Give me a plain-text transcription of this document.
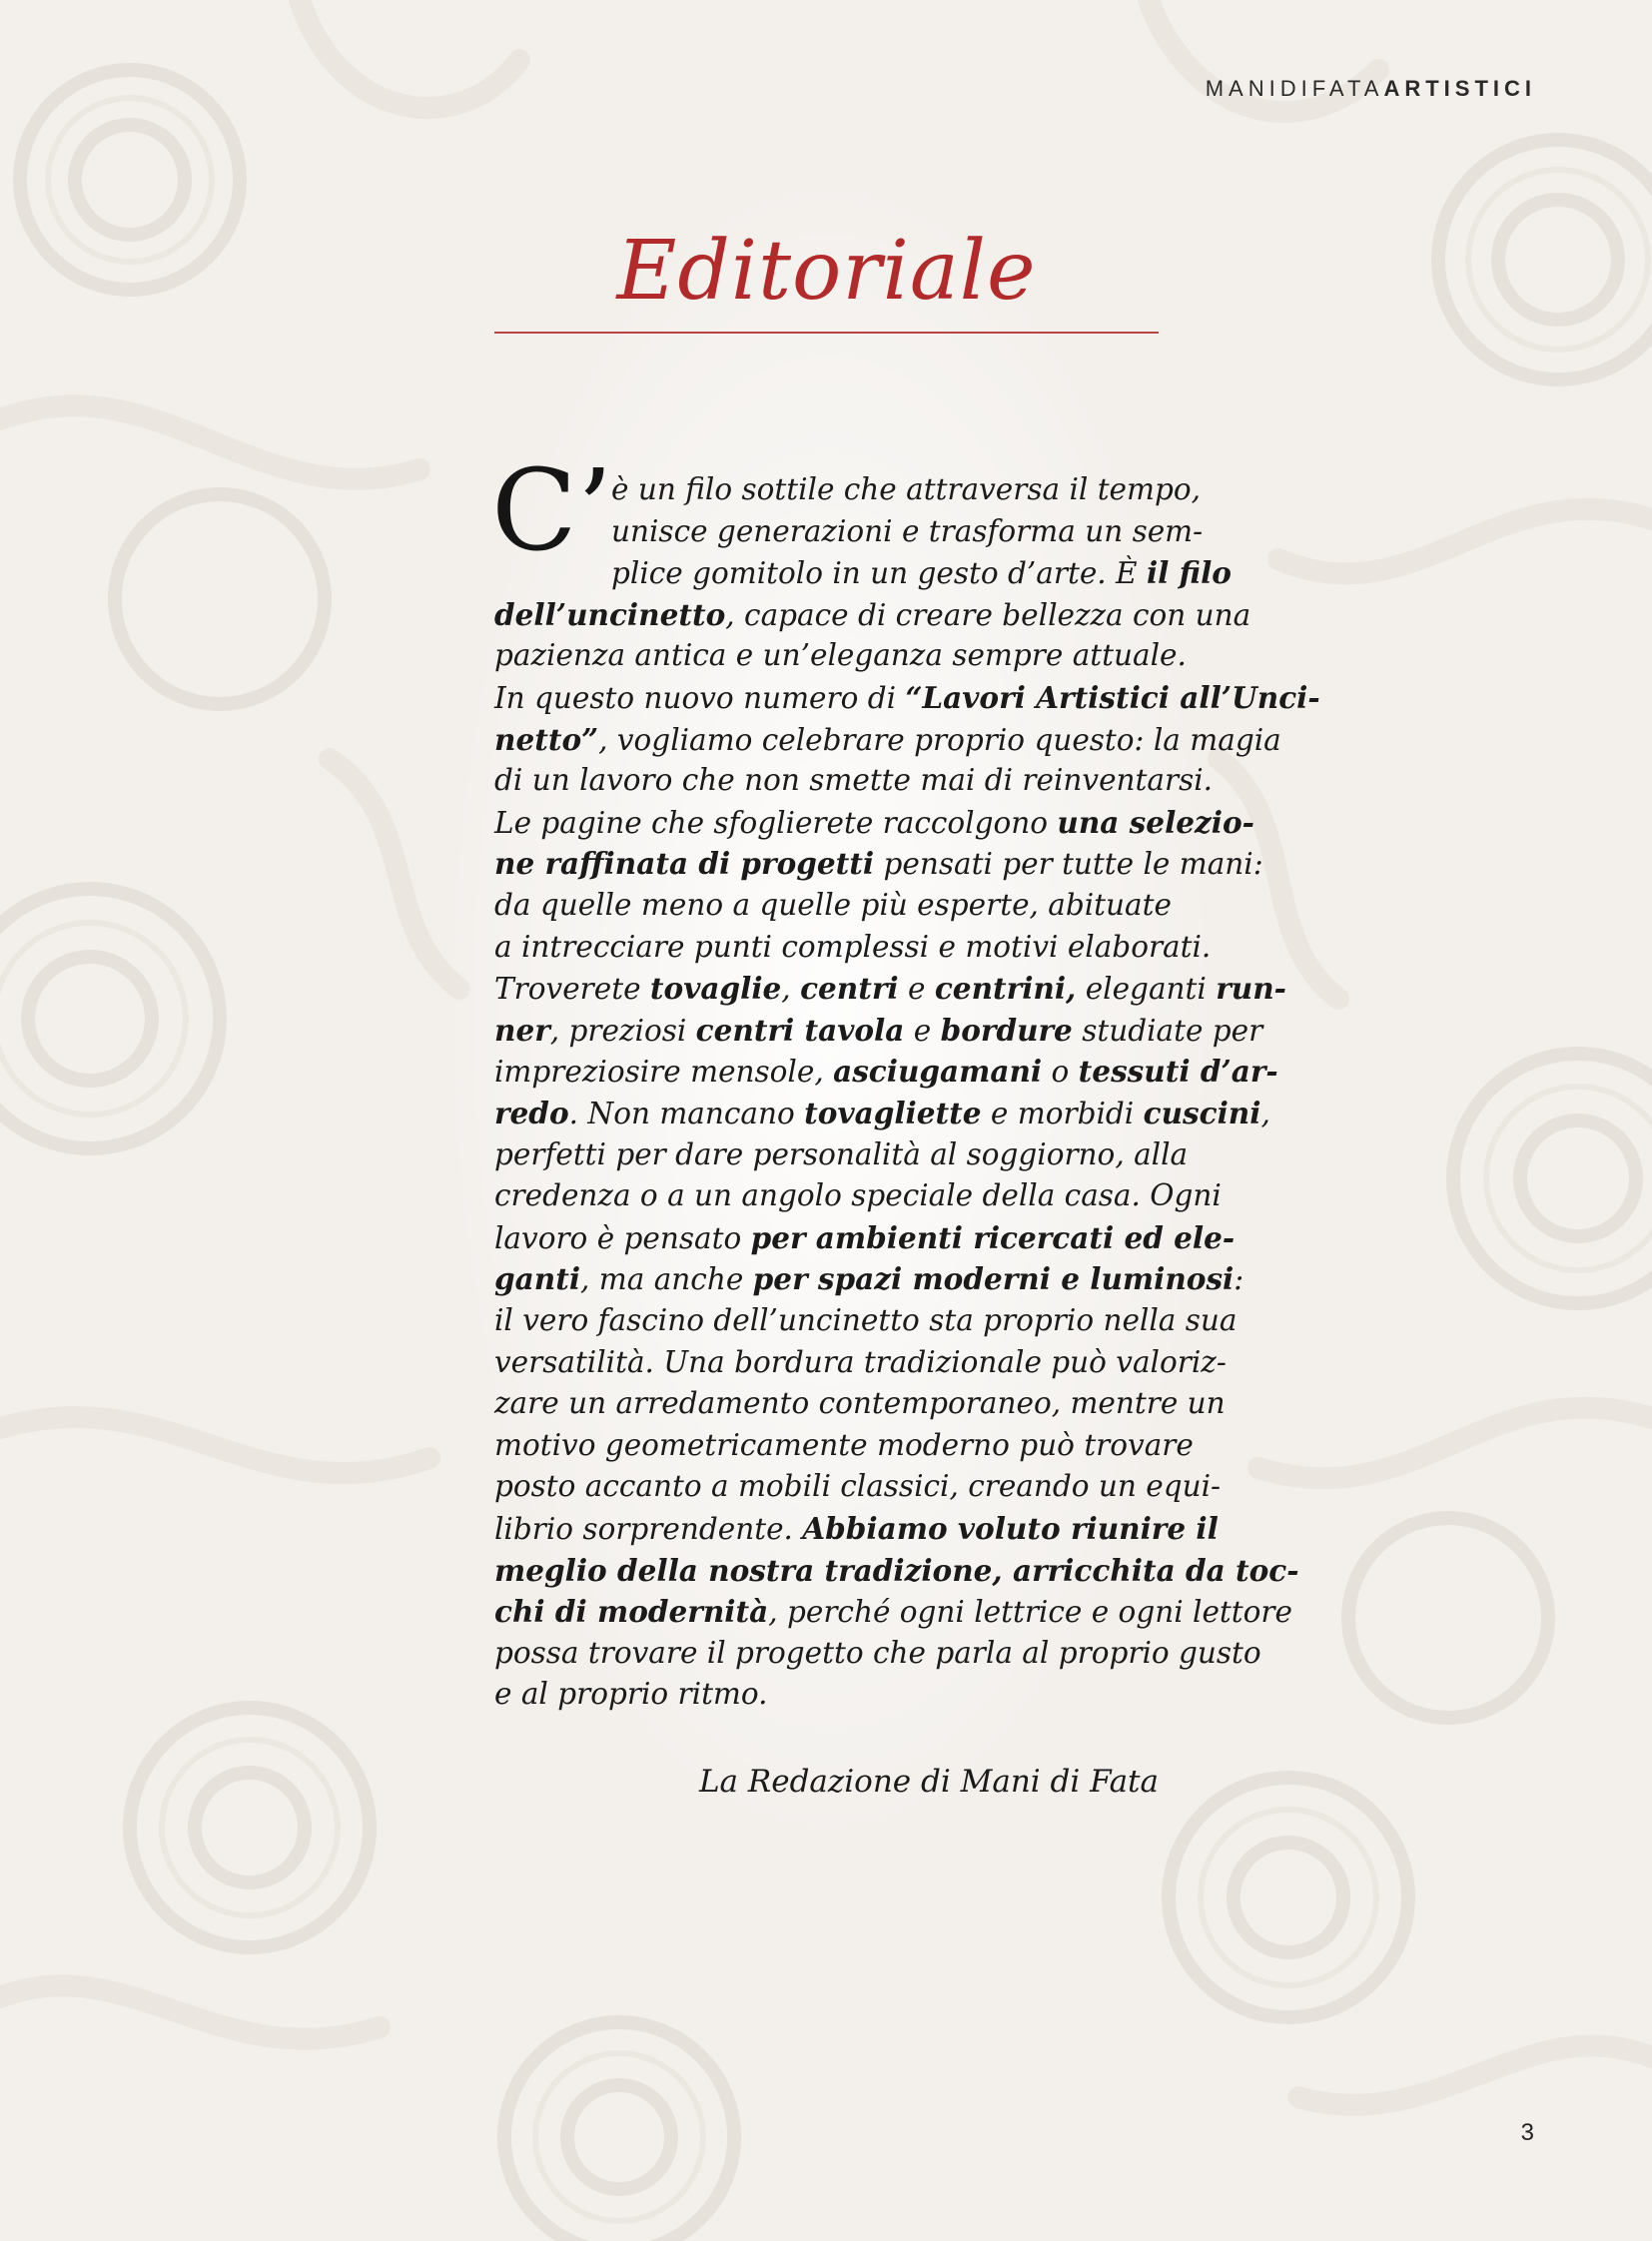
MANIDIFATAARTISTICI
Editoriale
C’
è un filo sottile che attraversa il tempo,
unisce generazioni e trasforma un sem-
plice gomitolo in un gesto d’arte. È il filo
dell’uncinetto, capace di creare bellezza con una
pazienza antica e un’eleganza sempre attuale.
In questo nuovo numero di “Lavori Artistici all’Unci-
netto”, vogliamo celebrare proprio questo: la magia
di un lavoro che non smette mai di reinventarsi.
Le pagine che sfoglierete raccolgono una selezio-
ne raffinata di progetti pensati per tutte le mani:
da quelle meno a quelle più esperte, abituate
a intrecciare punti complessi e motivi elaborati.
Troverete tovaglie, centri e centrini, eleganti run-
ner, preziosi centri tavola e bordure studiate per
impreziosire mensole, asciugamani o tessuti d’ar-
redo. Non mancano tovagliette e morbidi cuscini,
perfetti per dare personalità al soggiorno, alla
credenza o a un angolo speciale della casa. Ogni
lavoro è pensato per ambienti ricercati ed ele-
ganti, ma anche per spazi moderni e luminosi:
il vero fascino dell’uncinetto sta proprio nella sua
versatilità. Una bordura tradizionale può valoriz-
zare un arredamento contemporaneo, mentre un
motivo geometricamente moderno può trovare
posto accanto a mobili classici, creando un equi-
librio sorprendente. Abbiamo voluto riunire il
meglio della nostra tradizione, arricchita da toc-
chi di modernità, perché ogni lettrice e ogni lettore
possa trovare il progetto che parla al proprio gusto
e al proprio ritmo.
La Redazione di Mani di Fata
3
